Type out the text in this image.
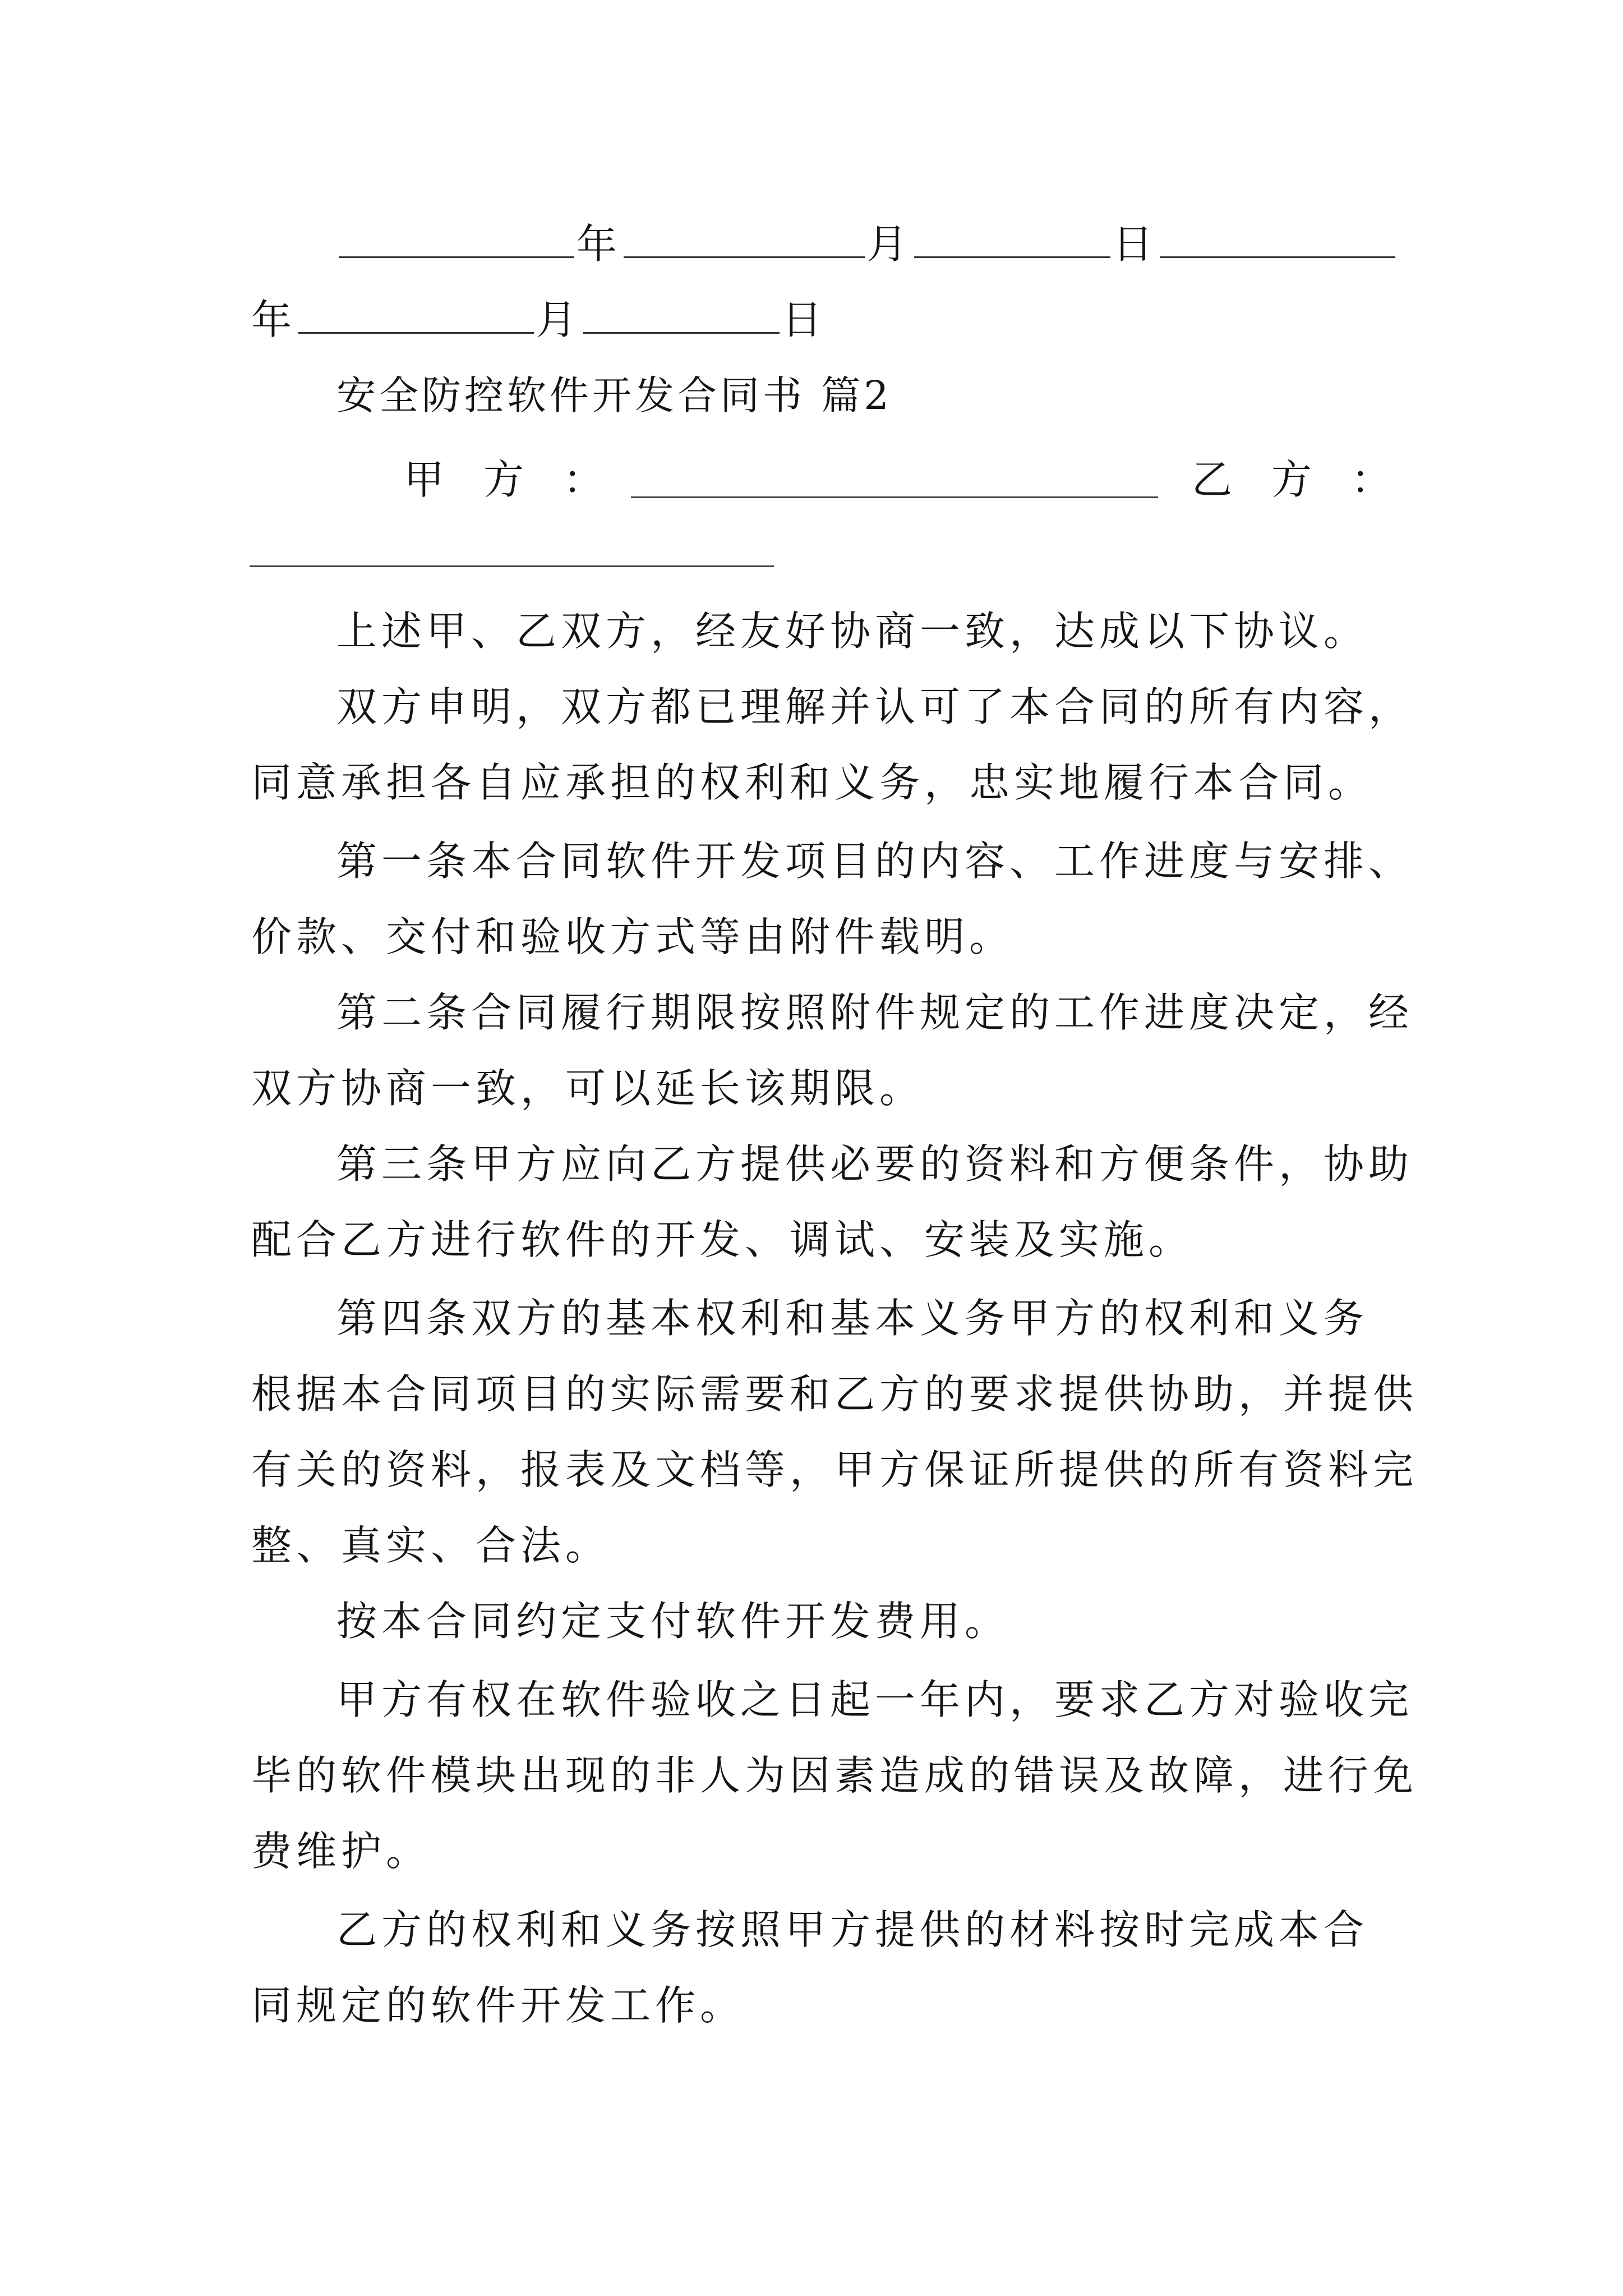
年	月	日
年	月	日
安全防控软件开发合同书 篇2
甲方：	乙方：
上述甲、乙双方，经友好协商一致，达成以下协议。
双方申明，双方都已理解并认可了本合同的所有内容，
同意承担各自应承担的权利和义务，忠实地履行本合同。
第一条本合同软件开发项目的内容、工作进度与安排、
价款、交付和验收方式等由附件载明。
第二条合同履行期限按照附件规定的工作进度决定，经
双方协商一致，可以延长该期限。
第三条甲方应向乙方提供必要的资料和方便条件，协助
配合乙方进行软件的开发、调试、安装及实施。
第四条双方的基本权利和基本义务甲方的权利和义务
根据本合同项目的实际需要和乙方的要求提供协助，并提供
有关的资料，报表及文档等，甲方保证所提供的所有资料完
整、真实、合法。
按本合同约定支付软件开发费用。
甲方有权在软件验收之日起一年内，要求乙方对验收完
毕的软件模块出现的非人为因素造成的错误及故障，进行免
费维护。
乙方的权利和义务按照甲方提供的材料按时完成本合
同规定的软件开发工作。
